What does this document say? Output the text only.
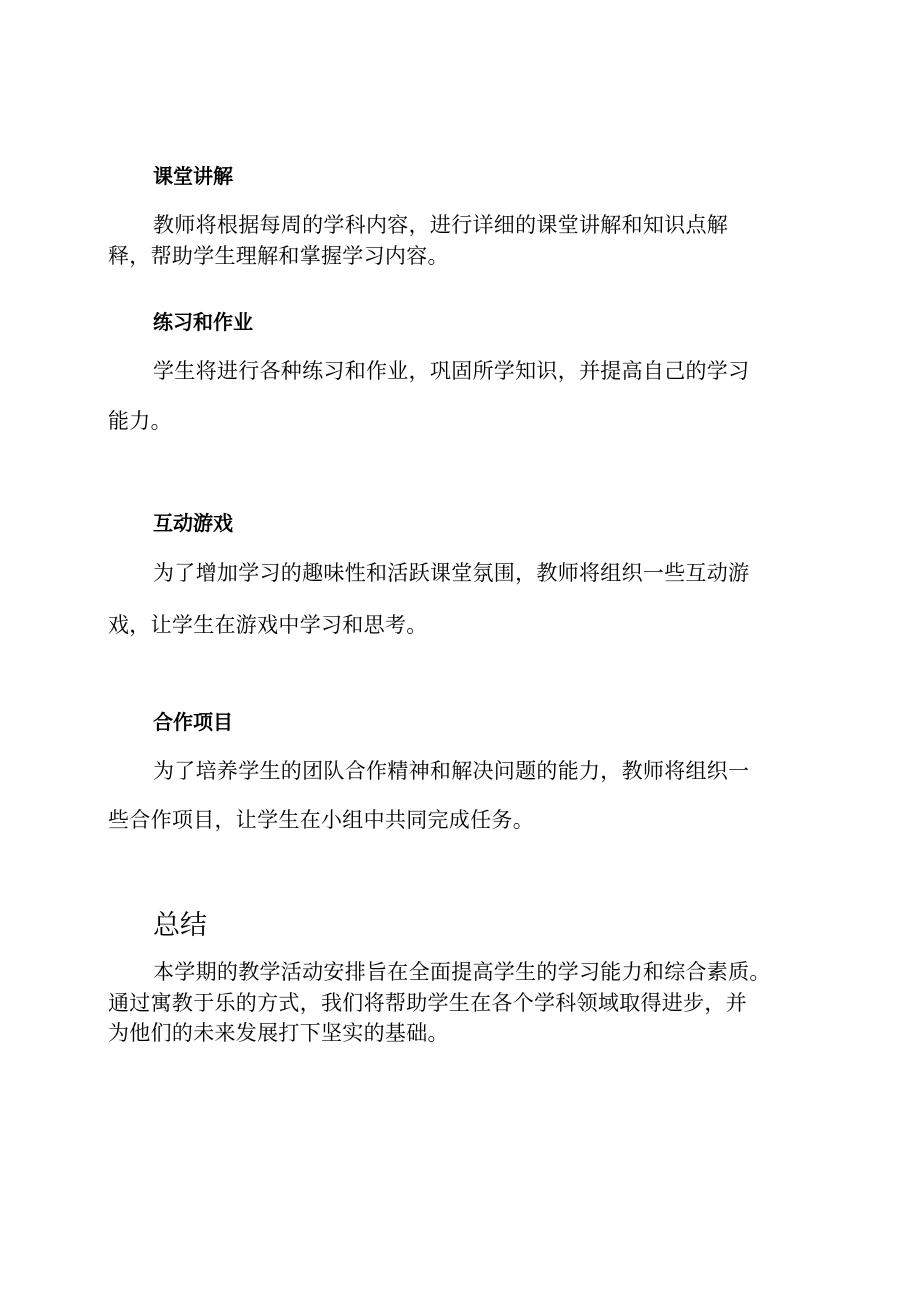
课堂讲解

教师将根据每周的学科内容，进行详细的课堂讲解和知识点解

释，帮助学生理解和掌握学习内容。

练习和作业

学生将进行各种练习和作业，巩固所学知识，并提高自己的学习

能力。

互动游戏

为了增加学习的趣味性和活跃课堂氛围，教师将组织一些互动游

戏，让学生在游戏中学习和思考。

合作项目

为了培养学生的团队合作精神和解决问题的能力，教师将组织一

些合作项目，让学生在小组中共同完成任务。

总结

本学期的教学活动安排旨在全面提高学生的学习能力和综合素质。

通过寓教于乐的方式，我们将帮助学生在各个学科领域取得进步，并

为他们的未来发展打下坚实的基础。
